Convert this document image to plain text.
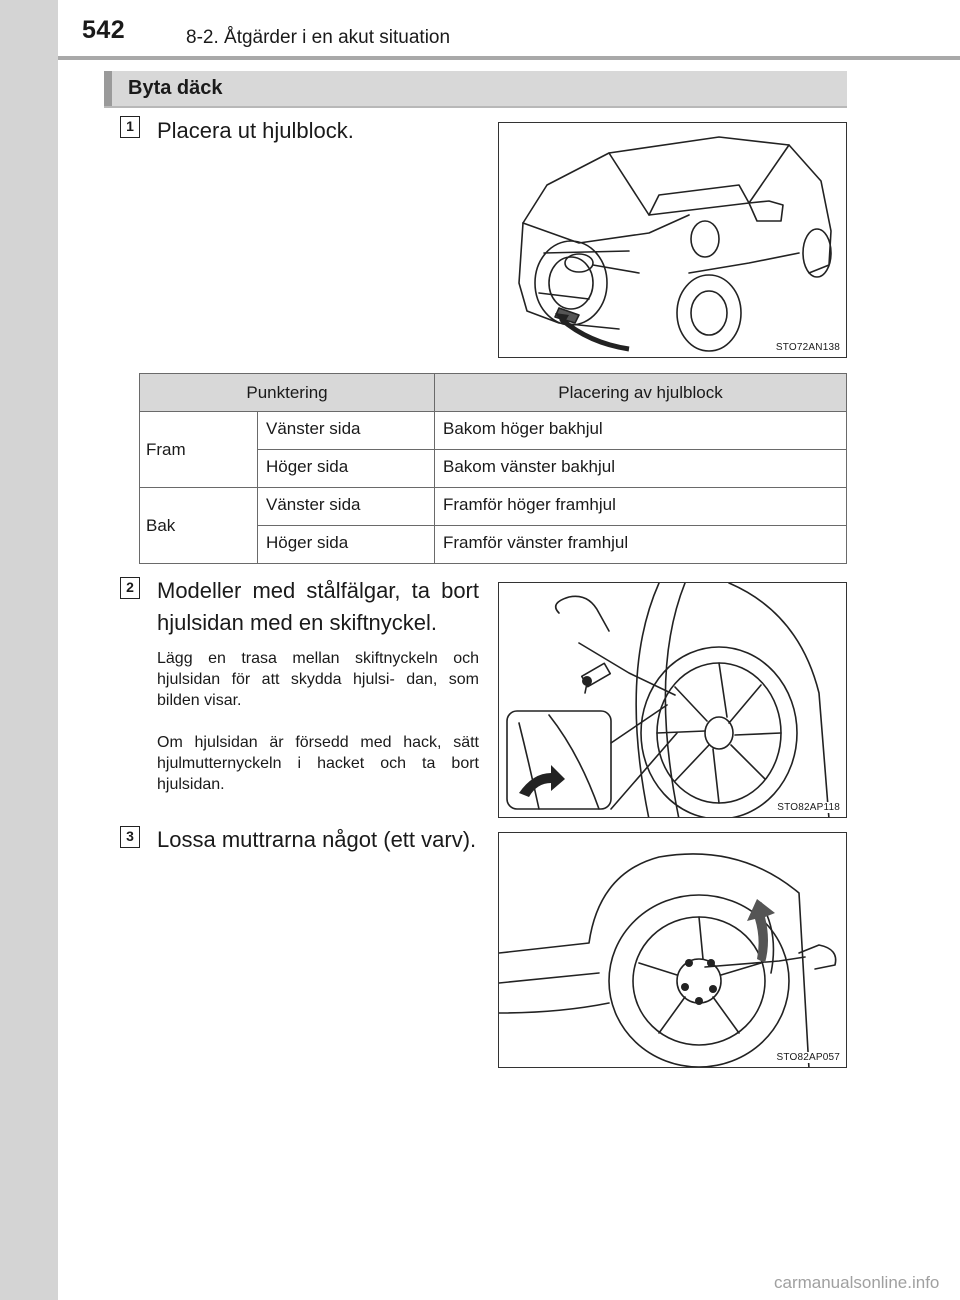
542	8-2. Åtgärder i en akut situation
Byta däck
1 Placera ut hjulblock.
STO72AN138
Punktering		Placering av hjulblock
Fram	Vänster sida	Bakom höger bakhjul
	Höger sida	Bakom vänster bakhjul
Bak	Vänster sida	Framför höger framhjul
	Höger sida	Framför vänster framhjul
2 Modeller med stålfälgar, ta bort hjulsidan med en skiftnyckel.
Lägg en trasa mellan skiftnyckeln och hjulsidan för att skydda hjulsi- dan, som bilden visar.
Om hjulsidan är försedd med hack, sätt hjulmutternyckeln i hacket och ta bort hjulsidan.
STO82AP118
3 Lossa muttrarna något (ett varv).
STO82AP057
carmanualsonline.info
